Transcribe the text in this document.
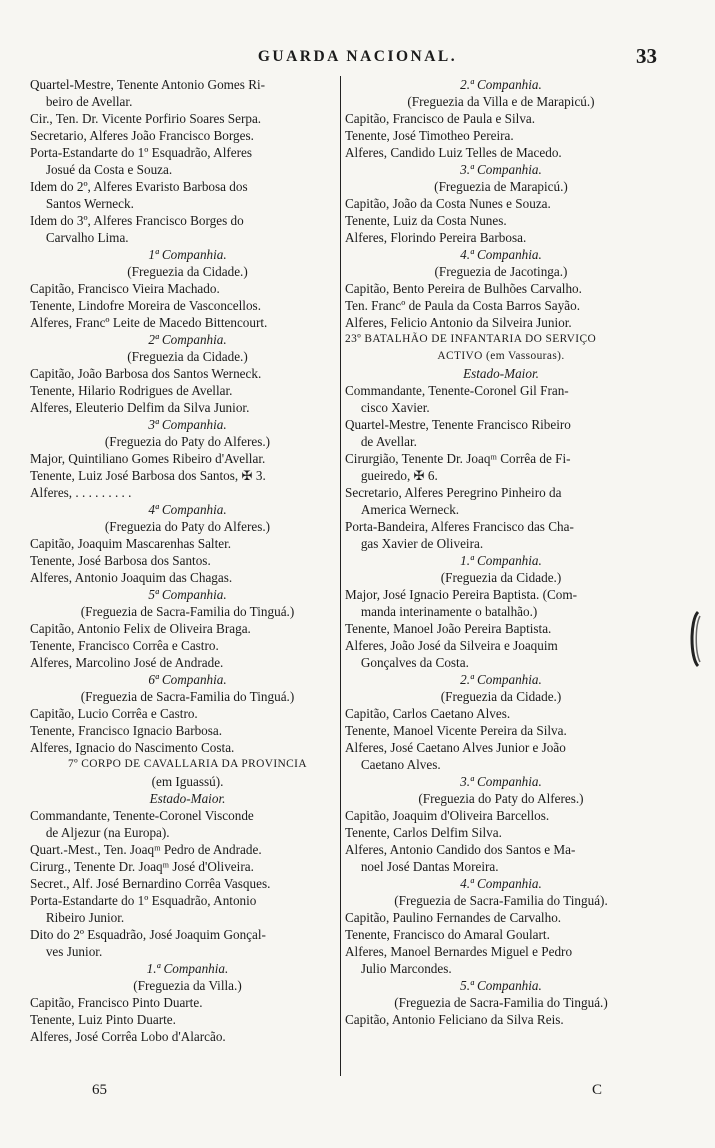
GUARDA NACIONAL.	33
Quartel-Mestre, Tenente Antonio Gomes Ri-
beiro de Avellar.
Cir., Ten. Dr. Vicente Porfirio Soares Serpa.
Secretario, Alferes João Francisco Borges.
Porta-Estandarte do 1º Esquadrão, Alferes
Josué da Costa e Souza.
Idem do 2º, Alferes Evaristo Barbosa dos
Santos Werneck.
Idem do 3º, Alferes Francisco Borges do
Carvalho Lima.
1ª Companhia.
(Freguezia da Cidade.)
Capitão, Francisco Vieira Machado.
Tenente, Lindofre Moreira de Vasconcellos.
Alferes, Francº Leite de Macedo Bittencourt.
2ª Companhia.
(Freguezia da Cidade.)
Capitão, João Barbosa dos Santos Werneck.
Tenente, Hilario Rodrigues de Avellar.
Alferes, Eleuterio Delfim da Silva Junior.
3ª Companhia.
(Freguezia do Paty do Alferes.)
Major, Quintiliano Gomes Ribeiro d'Avellar.
Tenente, Luiz José Barbosa dos Santos, ✠ 3.
Alferes, . . . . . . . . .
4ª Companhia.
(Freguezia do Paty do Alferes.)
Capitão, Joaquim Mascarenhas Salter.
Tenente, José Barbosa dos Santos.
Alferes, Antonio Joaquim das Chagas.
5ª Companhia.
(Freguezia de Sacra-Familia do Tinguá.)
Capitão, Antonio Felix de Oliveira Braga.
Tenente, Francisco Corrêa e Castro.
Alferes, Marcolino José de Andrade.
6ª Companhia.
(Freguezia de Sacra-Familia do Tinguá.)
Capitão, Lucio Corrêa e Castro.
Tenente, Francisco Ignacio Barbosa.
Alferes, Ignacio do Nascimento Costa.
7º CORPO DE CAVALLARIA DA PROVINCIA
(em Iguassú).
Estado-Maior.
Commandante, Tenente-Coronel Visconde
de Aljezur (na Europa).
Quart.-Mest., Ten. Joaqᵐ Pedro de Andrade.
Cirurg., Tenente Dr. Joaqᵐ José d'Oliveira.
Secret., Alf. José Bernardino Corrêa Vasques.
Porta-Estandarte do 1º Esquadrão, Antonio
Ribeiro Junior.
Dito do 2º Esquadrão, José Joaquim Gonçal-
ves Junior.
1.ª Companhia.
(Freguezia da Villa.)
Capitão, Francisco Pinto Duarte.
Tenente, Luiz Pinto Duarte.
Alferes, José Corrêa Lobo d'Alarcão.
2.ª Companhia.
(Freguezia da Villa e de Marapicú.)
Capitão, Francisco de Paula e Silva.
Tenente, José Timotheo Pereira.
Alferes, Candido Luiz Telles de Macedo.
3.ª Companhia.
(Freguezia de Marapicú.)
Capitão, João da Costa Nunes e Souza.
Tenente, Luiz da Costa Nunes.
Alferes, Florindo Pereira Barbosa.
4.ª Companhia.
(Freguezia de Jacotinga.)
Capitão, Bento Pereira de Bulhões Carvalho.
Ten. Francº de Paula da Costa Barros Sayão.
Alferes, Felicio Antonio da Silveira Junior.
23º BATALHÃO DE INFANTARIA DO SERVIÇO
ACTIVO (em Vassouras).
Estado-Maior.
Commandante, Tenente-Coronel Gil Fran-
cisco Xavier.
Quartel-Mestre, Tenente Francisco Ribeiro
de Avellar.
Cirurgião, Tenente Dr. Joaqᵐ Corrêa de Fi-
gueiredo, ✠ 6.
Secretario, Alferes Peregrino Pinheiro da
America Werneck.
Porta-Bandeira, Alferes Francisco das Cha-
gas Xavier de Oliveira.
1.ª Companhia.
(Freguezia da Cidade.)
Major, José Ignacio Pereira Baptista. (Com-
manda interinamente o batalhão.)
Tenente, Manoel João Pereira Baptista.
Alferes, João José da Silveira e Joaquim
Gonçalves da Costa.
2.ª Companhia.
(Freguezia da Cidade.)
Capitão, Carlos Caetano Alves.
Tenente, Manoel Vicente Pereira da Silva.
Alferes, José Caetano Alves Junior e João
Caetano Alves.
3.ª Companhia.
(Freguezia do Paty do Alferes.)
Capitão, Joaquim d'Oliveira Barcellos.
Tenente, Carlos Delfim Silva.
Alferes, Antonio Candido dos Santos e Ma-
noel José Dantas Moreira.
4.ª Companhia.
(Freguezia de Sacra-Familia do Tinguá).
Capitão, Paulino Fernandes de Carvalho.
Tenente, Francisco do Amaral Goulart.
Alferes, Manoel Bernardes Miguel e Pedro
Julio Marcondes.
5.ª Companhia.
(Freguezia de Sacra-Familia do Tinguá.)
Capitão, Antonio Feliciano da Silva Reis.
65	C
